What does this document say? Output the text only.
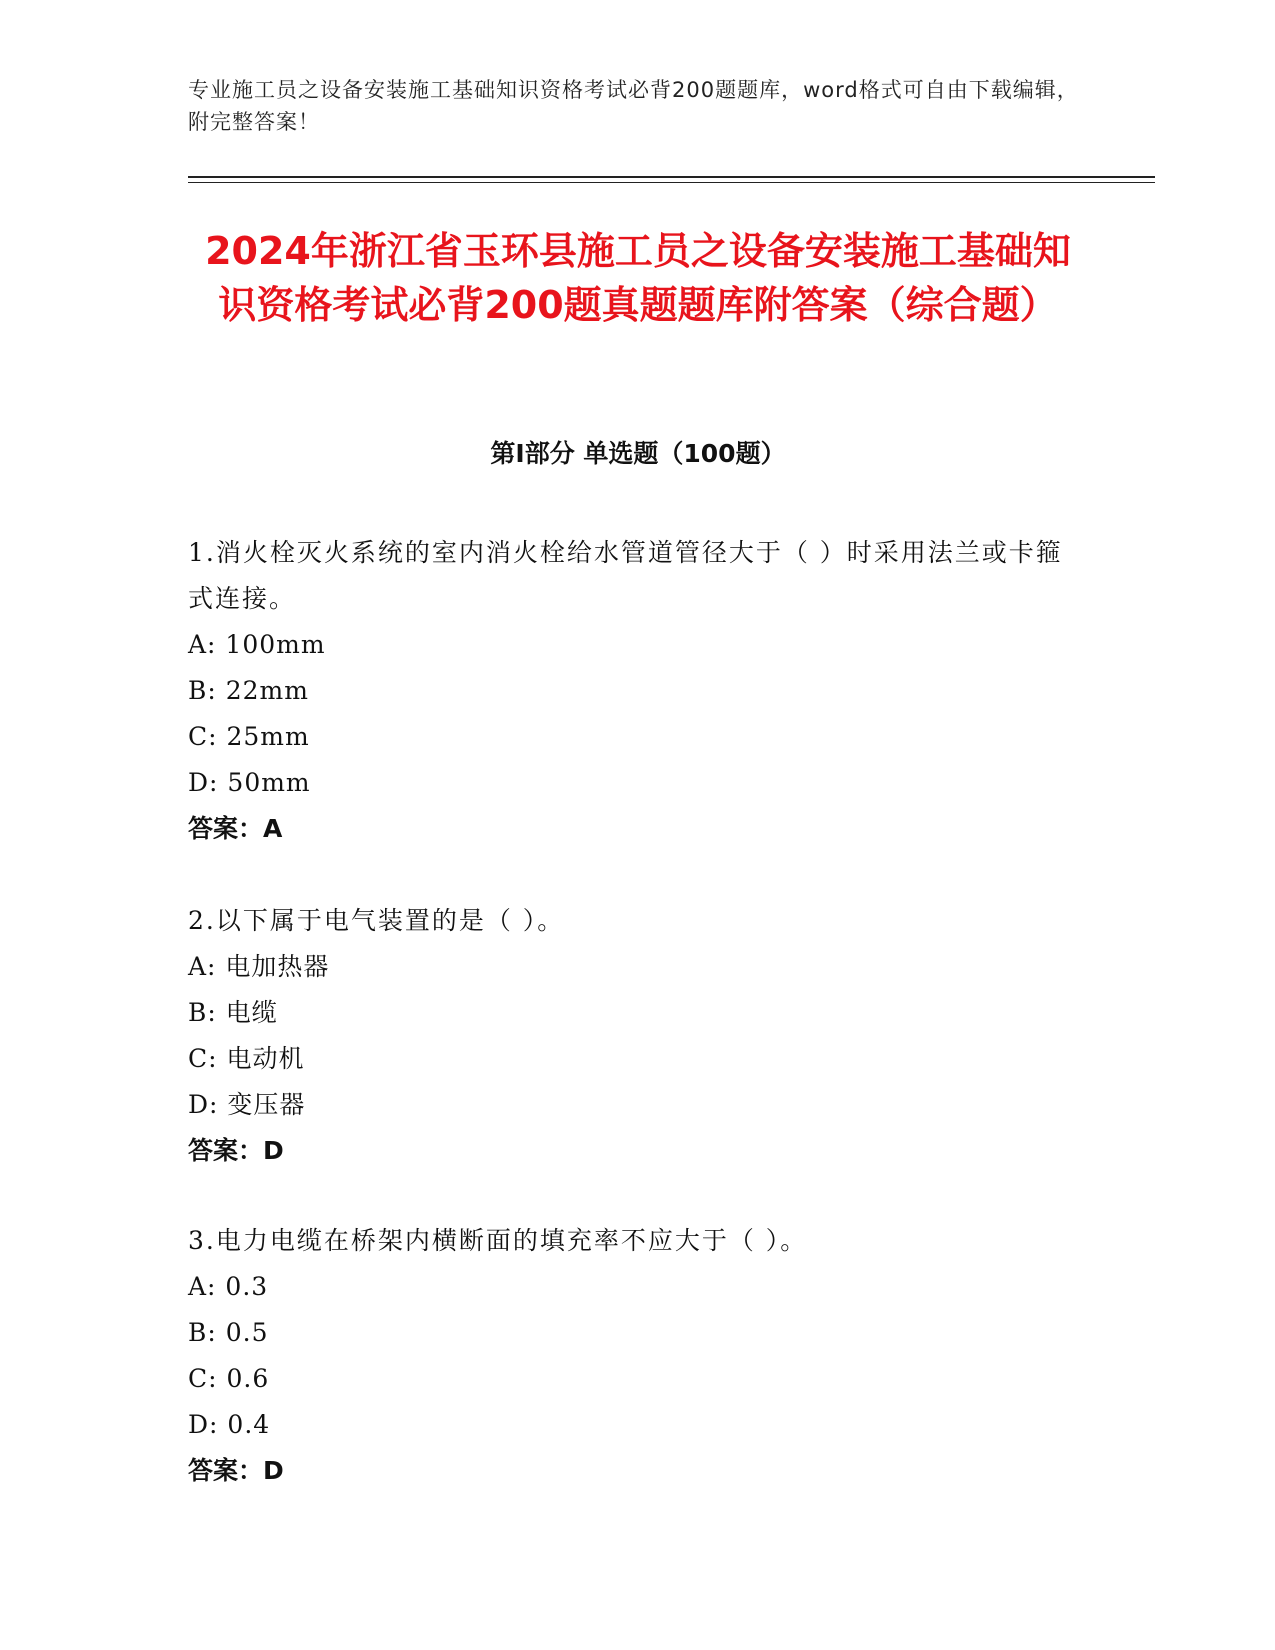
专业施工员之设备安装施工基础知识资格考试必背200题题库，word格式可自由下载编辑，附完整答案！
2024年浙江省玉环县施工员之设备安装施工基础知识资格考试必背200题真题题库附答案（综合题）
第Ⅰ部分 单选题（100题）
1.消火栓灭火系统的室内消火栓给水管道管径大于（ ）时采用法兰或卡箍式连接。
A: 100mm
B: 22mm
C: 25mm
D: 50mm
答案：A
2.以下属于电气装置的是（ ）。
A: 电加热器
B: 电缆
C: 电动机
D: 变压器
答案：D
3.电力电缆在桥架内横断面的填充率不应大于（ ）。
A: 0.3
B: 0.5
C: 0.6
D: 0.4
答案：D
